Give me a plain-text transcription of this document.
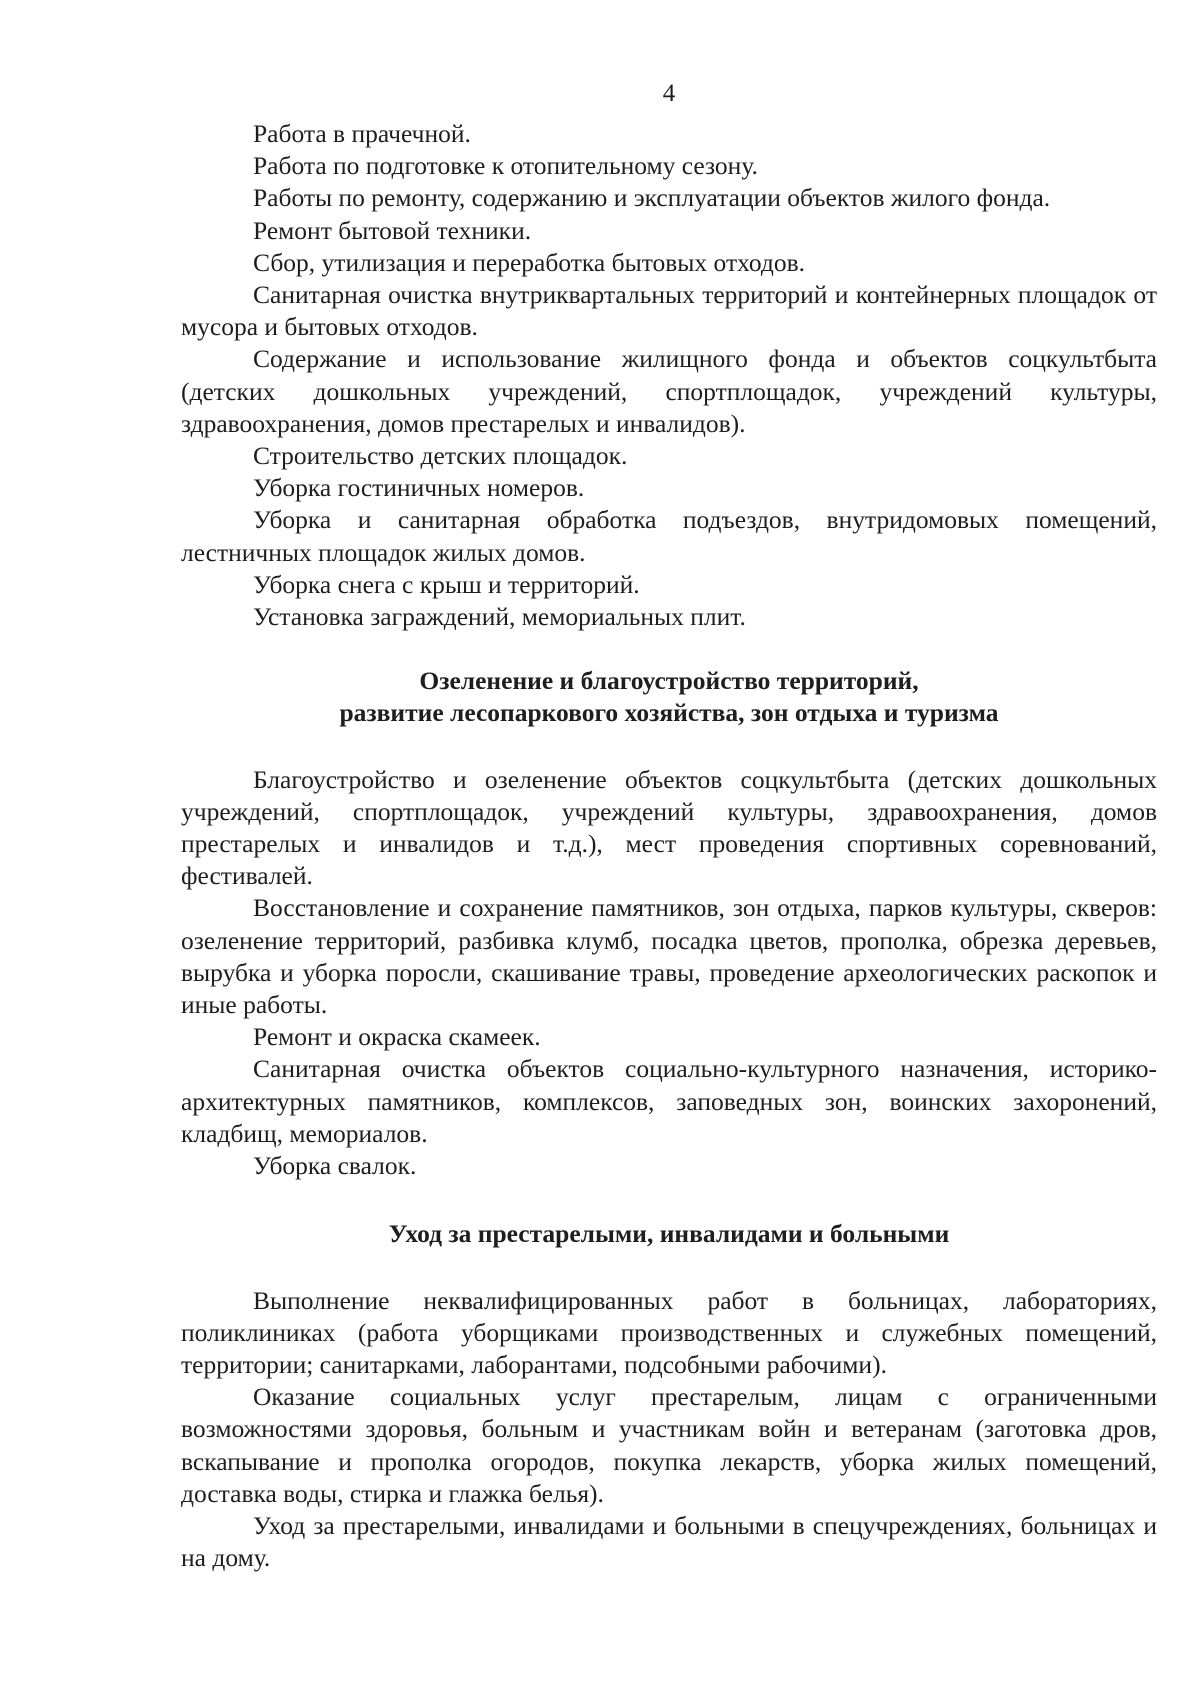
4

Работа в прачечной.

Работа по подготовке к отопительному сезону.

Работы по ремонту, содержанию и эксплуатации объектов жилого фонда.

Ремонт бытовой техники.

Сбор, утилизация и переработка бытовых отходов.

Санитарная очистка внутриквартальных территорий и контейнерных площадок от мусора и бытовых отходов.

Содержание и использование жилищного фонда и объектов соцкультбыта (детских дошкольных учреждений, спортплощадок, учреждений культуры, здравоохранения, домов престарелых и инвалидов).

Строительство детских площадок.

Уборка гостиничных номеров.

Уборка и санитарная обработка подъездов, внутридомовых помещений, лестничных площадок жилых домов.

Уборка снега с крыш и территорий.

Установка заграждений, мемориальных плит.

Озеленение и благоустройство территорий,
развитие лесопаркового хозяйства, зон отдыха и туризма

Благоустройство и озеленение объектов соцкультбыта (детских дошкольных учреждений, спортплощадок, учреждений культуры, здравоохранения, домов престарелых и инвалидов и т.д.), мест проведения спортивных соревнований, фестивалей.

Восстановление и сохранение памятников, зон отдыха, парков культуры, скверов: озеленение территорий, разбивка клумб, посадка цветов, прополка, обрезка деревьев, вырубка и уборка поросли, скашивание травы, проведение археологических раскопок и иные работы.

Ремонт и окраска скамеек.

Санитарная очистка объектов социально-культурного назначения, историко-архитектурных памятников, комплексов, заповедных зон, воинских захоронений, кладбищ, мемориалов.

Уборка свалок.

Уход за престарелыми, инвалидами и больными

Выполнение неквалифицированных работ в больницах, лабораториях, поликлиниках (работа уборщиками производственных и служебных помещений, территории; санитарками, лаборантами, подсобными рабочими).

Оказание социальных услуг престарелым, лицам с ограниченными возможностями здоровья, больным и участникам войн и ветеранам (заготовка дров, вскапывание и прополка огородов, покупка лекарств, уборка жилых помещений, доставка воды, стирка и глажка белья).

Уход за престарелыми, инвалидами и больными в спецучреждениях, больницах и на дому.
